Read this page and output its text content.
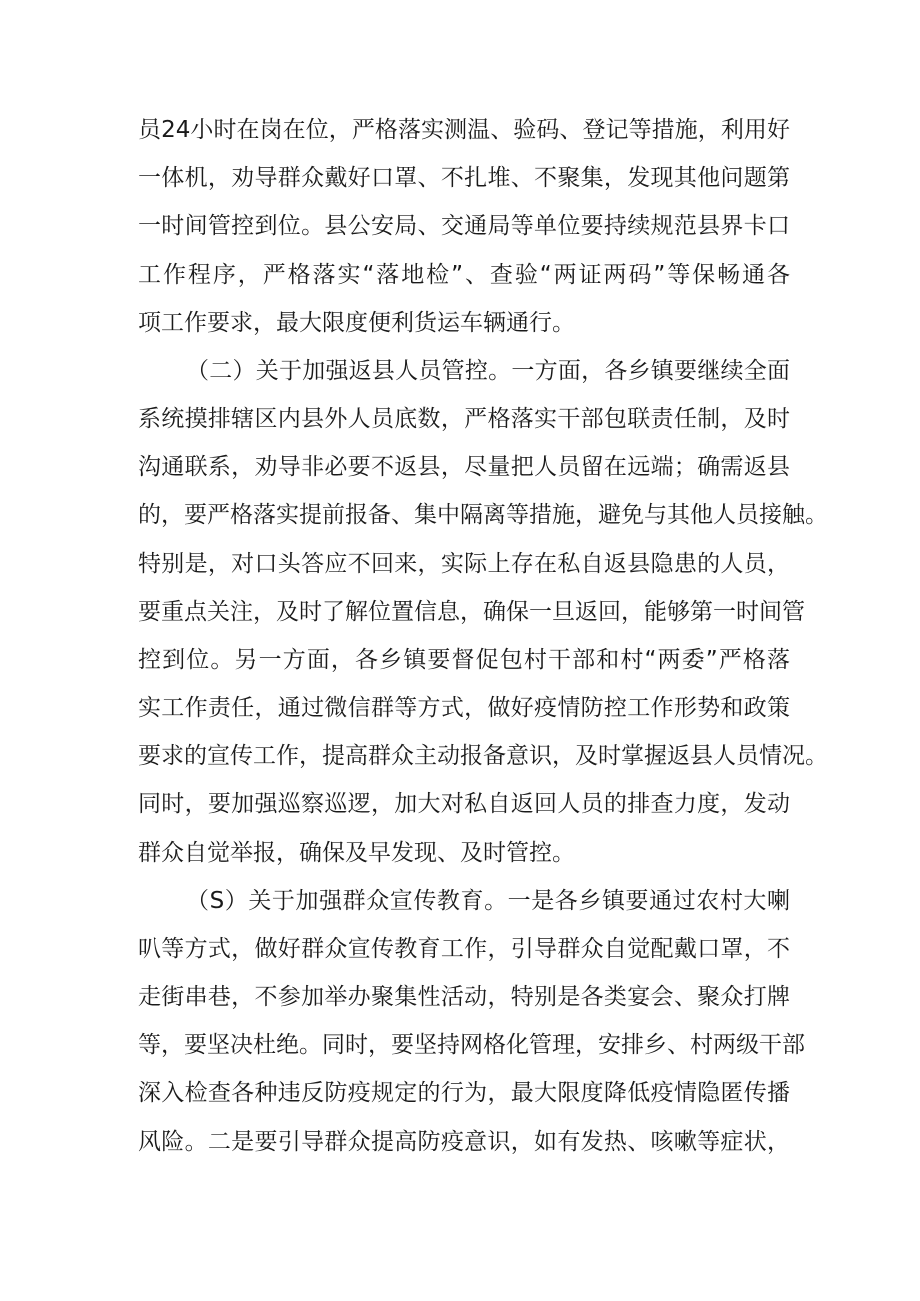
员24小时在岗在位，严格落实测温、验码、登记等措施，利用好
一体机，劝导群众戴好口罩、不扎堆、不聚集，发现其他问题第
一时间管控到位。县公安局、交通局等单位要持续规范县界卡口
工作程序，严格落实“落地检”、查验“两证两码”等保畅通各
项工作要求，最大限度便利货运车辆通行。
（二）关于加强返县人员管控。一方面，各乡镇要继续全面
系统摸排辖区内县外人员底数，严格落实干部包联责任制，及时
沟通联系，劝导非必要不返县，尽量把人员留在远端；确需返县
的，要严格落实提前报备、集中隔离等措施，避免与其他人员接触。
特别是，对口头答应不回来，实际上存在私自返县隐患的人员，
要重点关注，及时了解位置信息，确保一旦返回，能够第一时间管
控到位。另一方面，各乡镇要督促包村干部和村“两委”严格落
实工作责任，通过微信群等方式，做好疫情防控工作形势和政策
要求的宣传工作，提高群众主动报备意识，及时掌握返县人员情况。
同时，要加强巡察巡逻，加大对私自返回人员的排查力度，发动
群众自觉举报，确保及早发现、及时管控。
（S）关于加强群众宣传教育。一是各乡镇要通过农村大喇
叭等方式，做好群众宣传教育工作，引导群众自觉配戴口罩，不
走街串巷，不参加举办聚集性活动，特别是各类宴会、聚众打牌
等，要坚决杜绝。同时，要坚持网格化管理，安排乡、村两级干部
深入检查各种违反防疫规定的行为，最大限度降低疫情隐匿传播
风险。二是要引导群众提高防疫意识，如有发热、咳嗽等症状，
